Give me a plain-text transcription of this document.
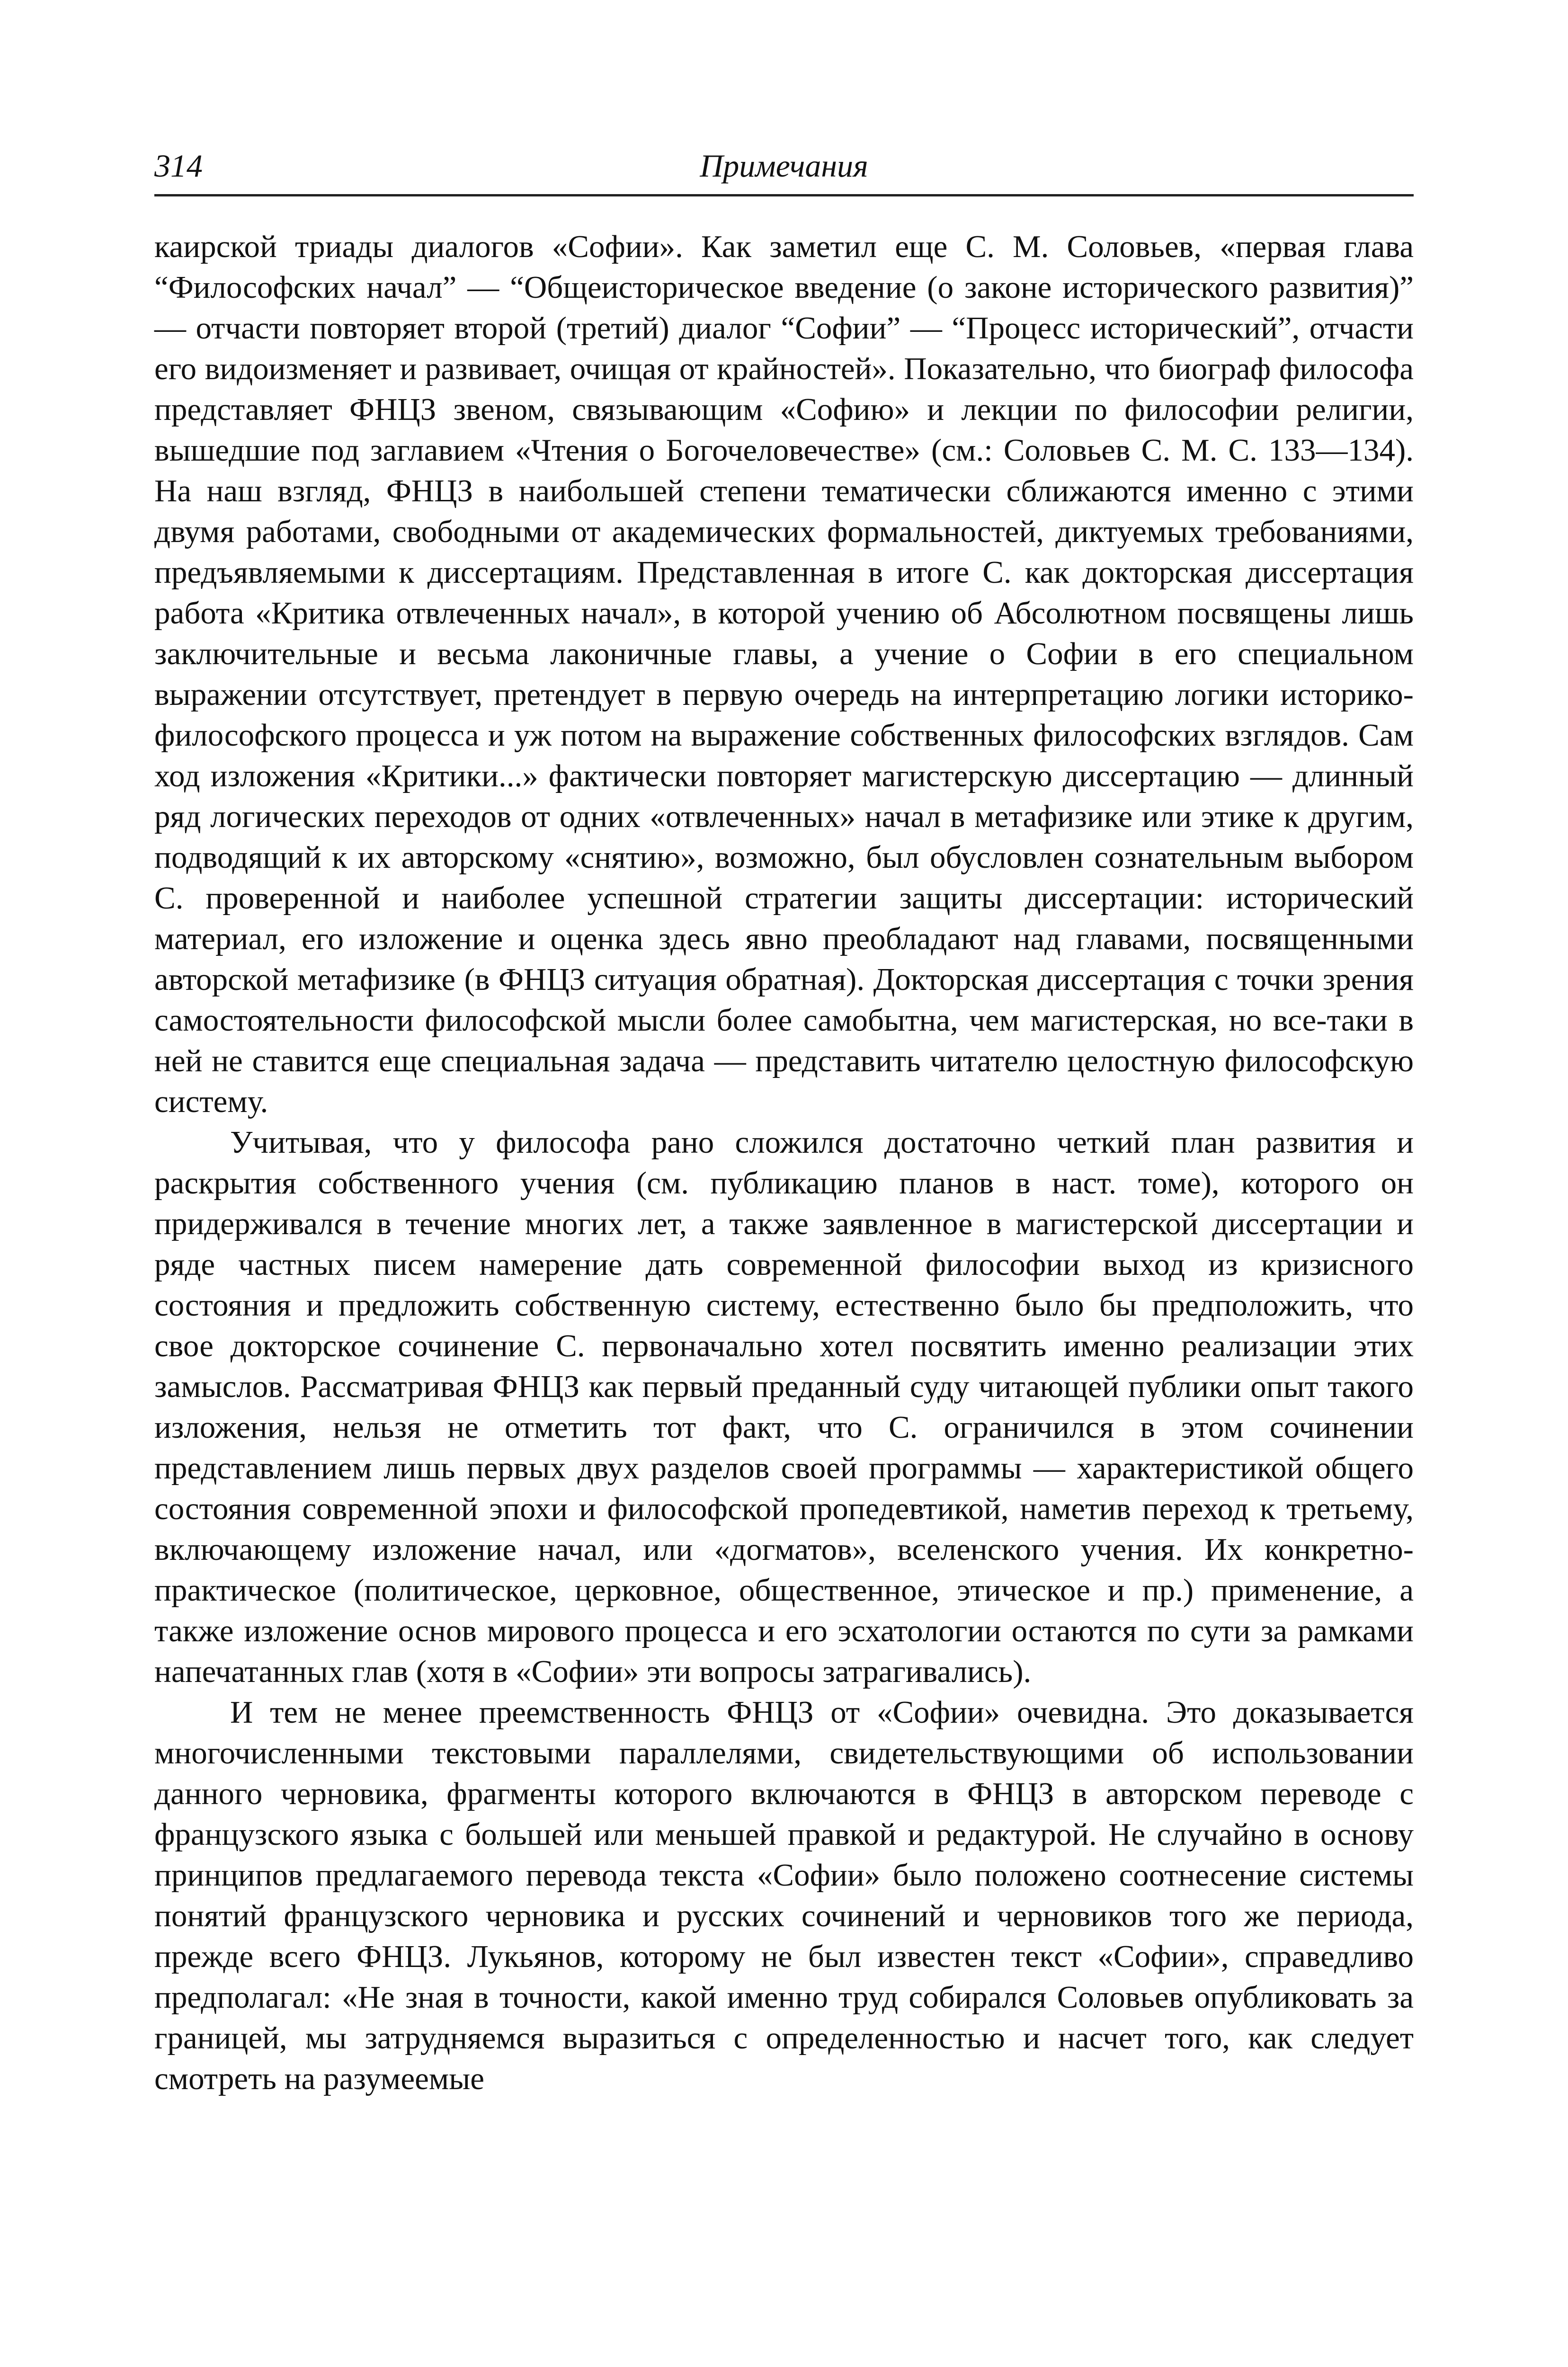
314	Примечания

каирской триады диалогов «Софии». Как заметил еще С. М. Соловьев, «первая глава “Философских начал” — “Общеисторическое введение (о законе исторического развития)” — отчасти повторяет второй (третий) диалог “Софии” — “Процесс исторический”, отчасти его видоизменяет и развивает, очищая от крайностей». Показательно, что биограф философа представляет ФНЦЗ звеном, связывающим «Софию» и лекции по философии религии, вышедшие под заглавием «Чтения о Богочеловечестве» (см.: Соловьев С. М. С. 133—134). На наш взгляд, ФНЦЗ в наибольшей степени тематически сближаются именно с этими двумя работами, свободными от академических формальностей, диктуемых требованиями, предъявляемыми к диссертациям. Представленная в итоге С. как докторская диссертация работа «Критика отвлеченных начал», в которой учению об Абсолютном посвящены лишь заключительные и весьма лаконичные главы, а учение о Софии в его специальном выражении отсутствует, претендует в первую очередь на интерпретацию логики историко-философского процесса и уж потом на выражение собственных философских взглядов. Сам ход изложения «Критики...» фактически повторяет магистерскую диссертацию — длинный ряд логических переходов от одних «отвлеченных» начал в метафизике или этике к другим, подводящий к их авторскому «снятию», возможно, был обусловлен сознательным выбором С. проверенной и наиболее успешной стратегии защиты диссертации: исторический материал, его изложение и оценка здесь явно преобладают над главами, посвященными авторской метафизике (в ФНЦЗ ситуация обратная). Докторская диссертация с точки зрения самостоятельности философской мысли более самобытна, чем магистерская, но все-таки в ней не ставится еще специальная задача — представить читателю целостную философскую систему.

Учитывая, что у философа рано сложился достаточно четкий план развития и раскрытия собственного учения (см. публикацию планов в наст. томе), которого он придерживался в течение многих лет, а также заявленное в магистерской диссертации и ряде частных писем намерение дать современной философии выход из кризисного состояния и предложить собственную систему, естественно было бы предположить, что свое докторское сочинение С. первоначально хотел посвятить именно реализации этих замыслов. Рассматривая ФНЦЗ как первый преданный суду читающей публики опыт такого изложения, нельзя не отметить тот факт, что С. ограничился в этом сочинении представлением лишь первых двух разделов своей программы — характеристикой общего состояния современной эпохи и философской пропедевтикой, наметив переход к третьему, включающему изложение начал, или «догматов», вселенского учения. Их конкретно-практическое (политическое, церковное, общественное, этическое и пр.) применение, а также изложение основ мирового процесса и его эсхатологии остаются по сути за рамками напечатанных глав (хотя в «Софии» эти вопросы затрагивались).

И тем не менее преемственность ФНЦЗ от «Софии» очевидна. Это доказывается многочисленными текстовыми параллелями, свидетельствующими об использовании данного черновика, фрагменты которого включаются в ФНЦЗ в авторском переводе с французского языка с большей или меньшей правкой и редактурой. Не случайно в основу принципов предлагаемого перевода текста «Софии» было положено соотнесение системы понятий французского черновика и русских сочинений и черновиков того же периода, прежде всего ФНЦЗ. Лукьянов, которому не был известен текст «Софии», справедливо предполагал: «Не зная в точности, какой именно труд собирался Соловьев опубликовать за границей, мы затрудняемся выразиться с определенностью и насчет того, как следует смотреть на разумеемые
